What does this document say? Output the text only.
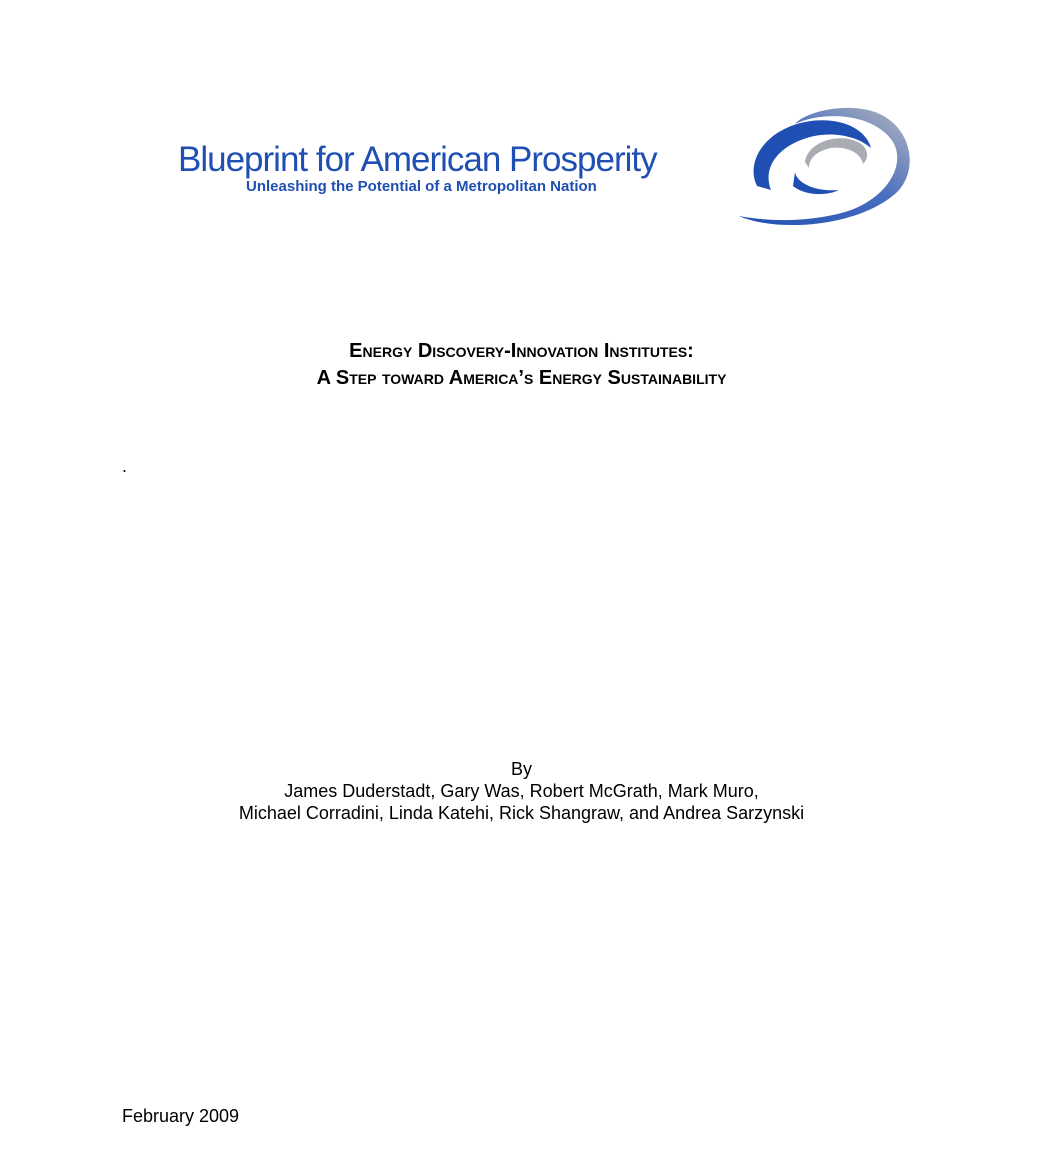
Blueprint for American Prosperity
Unleashing the Potential of a Metropolitan Nation
Energy Discovery-Innovation Institutes:
A Step toward America’s Energy Sustainability
.
By
James Duderstadt, Gary Was, Robert McGrath, Mark Muro,
Michael Corradini, Linda Katehi, Rick Shangraw, and Andrea Sarzynski
February 2009
